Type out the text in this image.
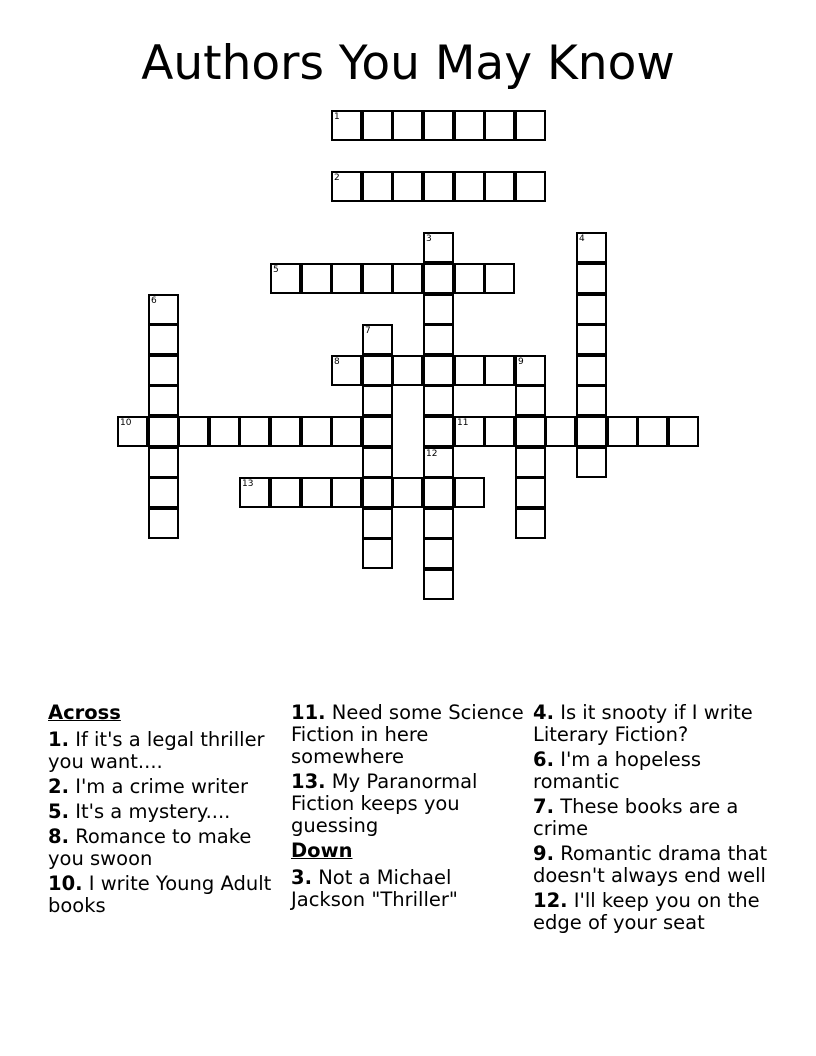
Authors You May Know
1
2
3	4
5
6
7
8	9
10	11
12
13
Across
1. If it's a legal thriller you want....
2. I'm a crime writer
5. It's a mystery....
8. Romance to make you swoon
10. I write Young Adult books
11. Need some Science Fiction in here somewhere
13. My Paranormal Fiction keeps you guessing
Down
3. Not a Michael Jackson "Thriller"
4. Is it snooty if I write Literary Fiction?
6. I'm a hopeless romantic
7. These books are a crime
9. Romantic drama that doesn't always end well
12. I'll keep you on the edge of your seat
